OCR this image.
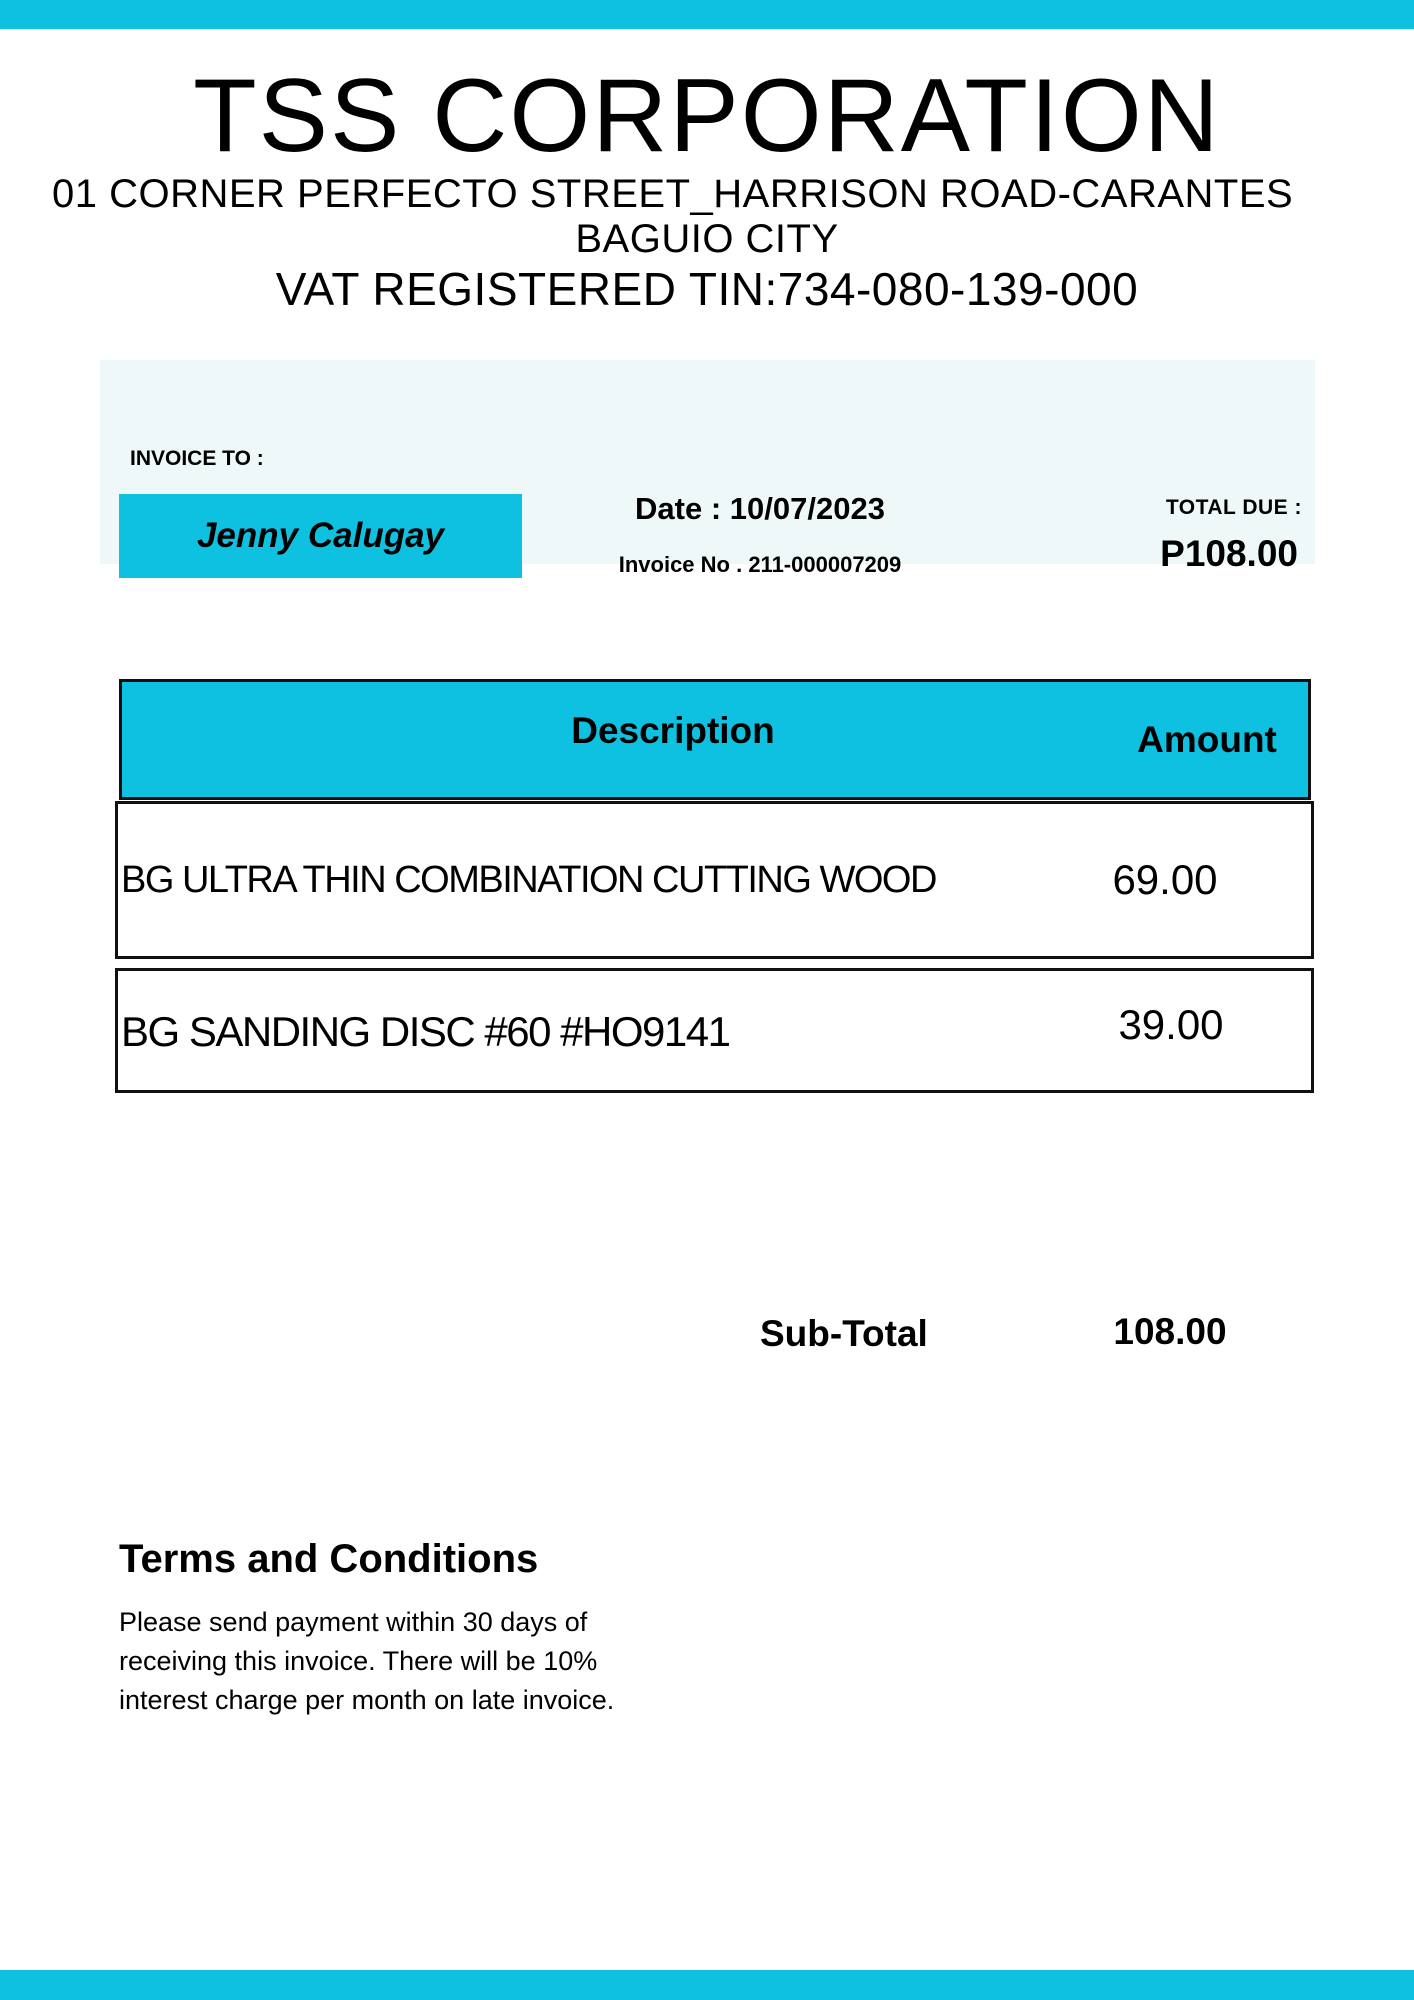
TSS CORPORATION
01 CORNER PERFECTO STREET_HARRISON ROAD-CARANTES
BAGUIO CITY
VAT REGISTERED TIN:734-080-139-000
INVOICE TO :
Jenny Calugay
Date : 10/07/2023
Invoice No . 211-000007209
TOTAL DUE :
P108.00
Description	Amount
BG ULTRA THIN COMBINATION CUTTING WOOD	69.00
BG SANDING DISC #60 #HO9141	39.00
Sub-Total	108.00
Terms and Conditions
Please send payment within 30 days of receiving this invoice. There will be 10% interest charge per month on late invoice.
